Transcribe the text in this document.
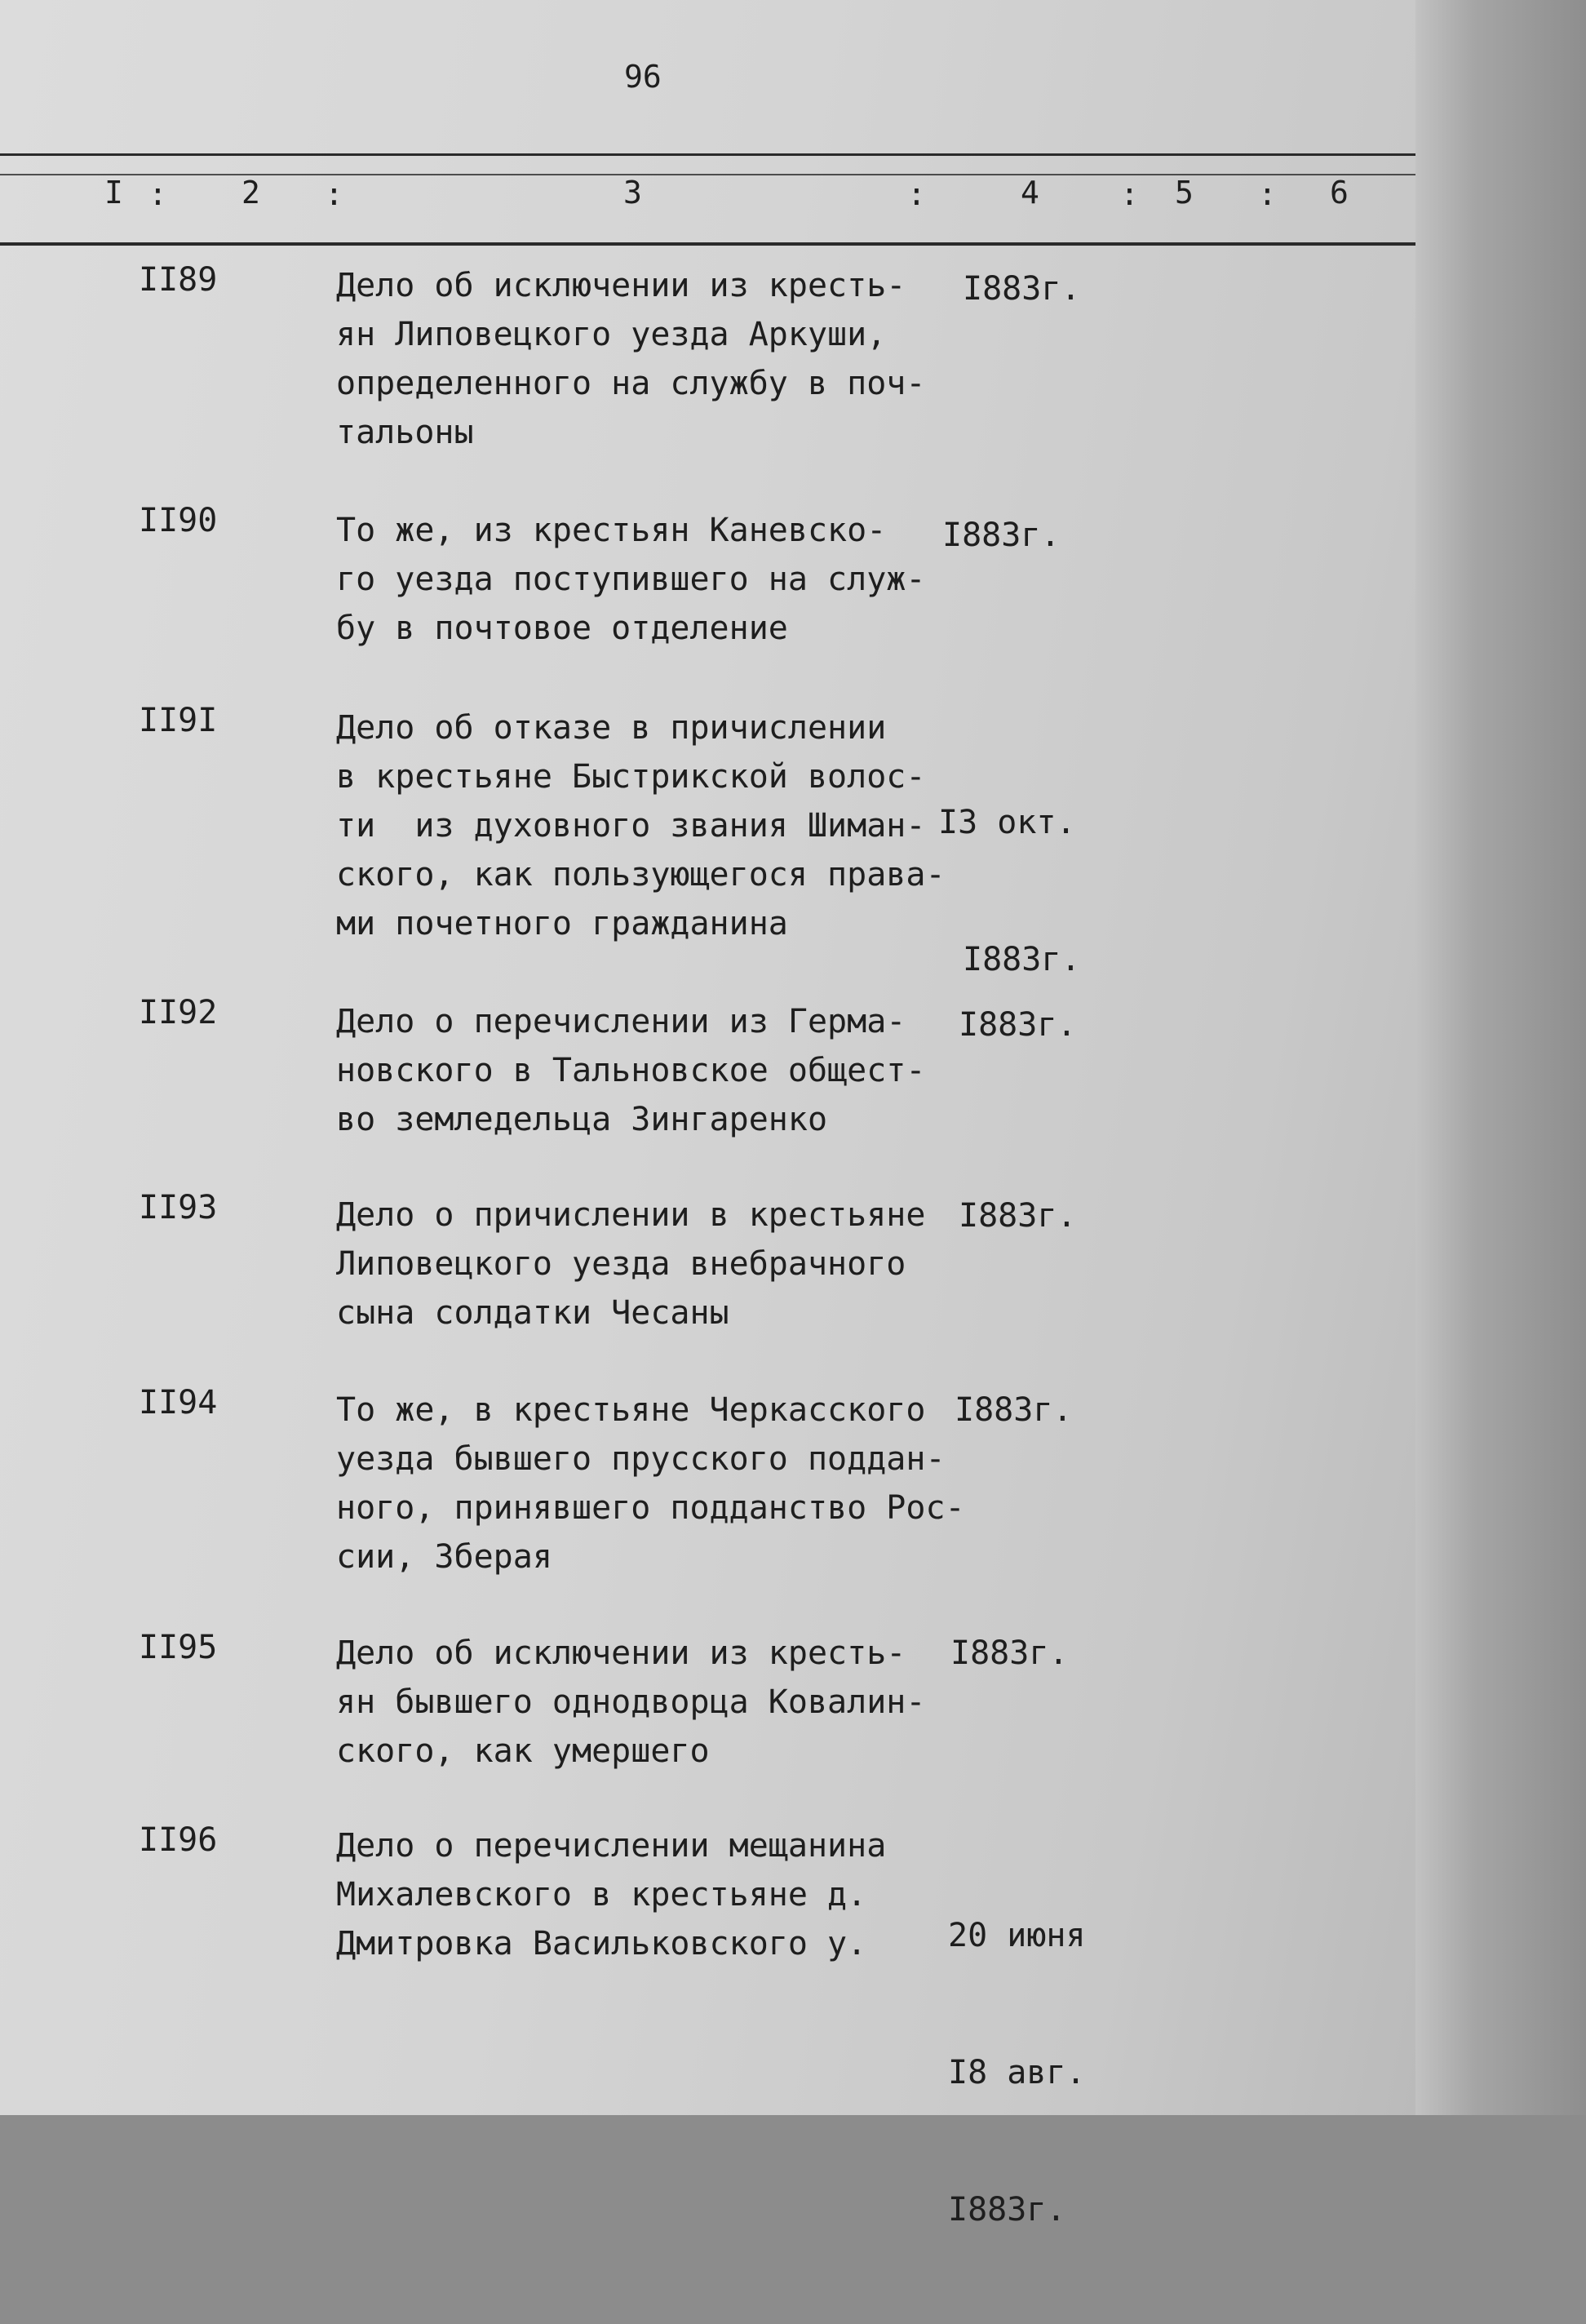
96
I : 2 :	3	:	4	: 5 : 6
II89	Дело об исключении из кресть-
ян Липовецкого уезда Аркуши,
определенного на службу в поч-
тальоны
I883г.
II90	То же, из крестьян Каневско-
го уезда поступившего на служ-
бу в почтовое отделение
I883г.
II9I	Дело об отказе в причислении
в крестьяне Быстрикской волос-
ти  из духовного звания Шиман-
ского, как пользующегося права-
ми почетного гражданина

I3 окт.

I883г.

II92	Дело о перечислении из Герма-
новского в Тальновское общест-
во земледельца Зингаренко
I883г.
II93	Дело о причислении в крестьяне
Липовецкого уезда внебрачного
сына солдатки Чесаны
I883г.
II94	То же, в крестьяне Черкасского
уезда бывшего прусского поддан-
ного, принявшего подданство Рос-
сии, Зберая
I883г.
II95	Дело об исключении из кресть-
ян бывшего однодворца Ковалин-
ского, как умершего
I883г.
II96	Дело о перечислении мещанина
Михалевского в крестьяне д.
Дмитровка Васильковского у.

	20 июня

I8 авг.

I883г.
